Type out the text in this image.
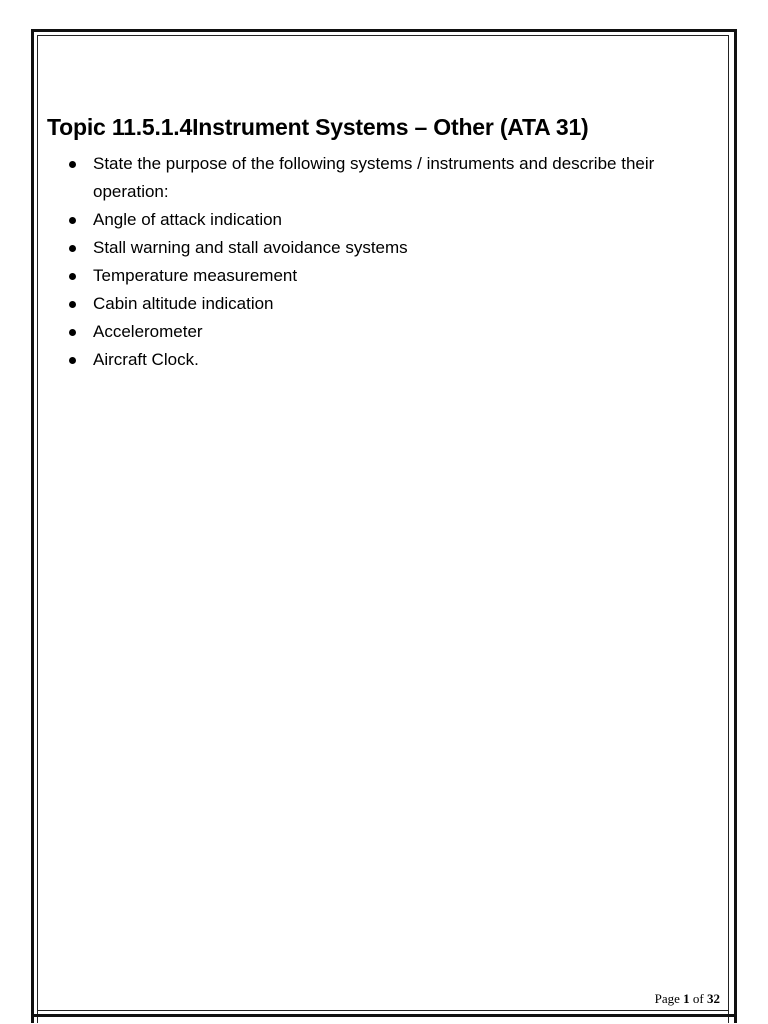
Topic 11.5.1.4Instrument Systems – Other (ATA 31)
State the purpose of the following systems / instruments and describe their operation:
Angle of attack indication
Stall warning and stall avoidance systems
Temperature measurement
Cabin altitude indication
Accelerometer
Aircraft Clock.
Page 1 of 32
